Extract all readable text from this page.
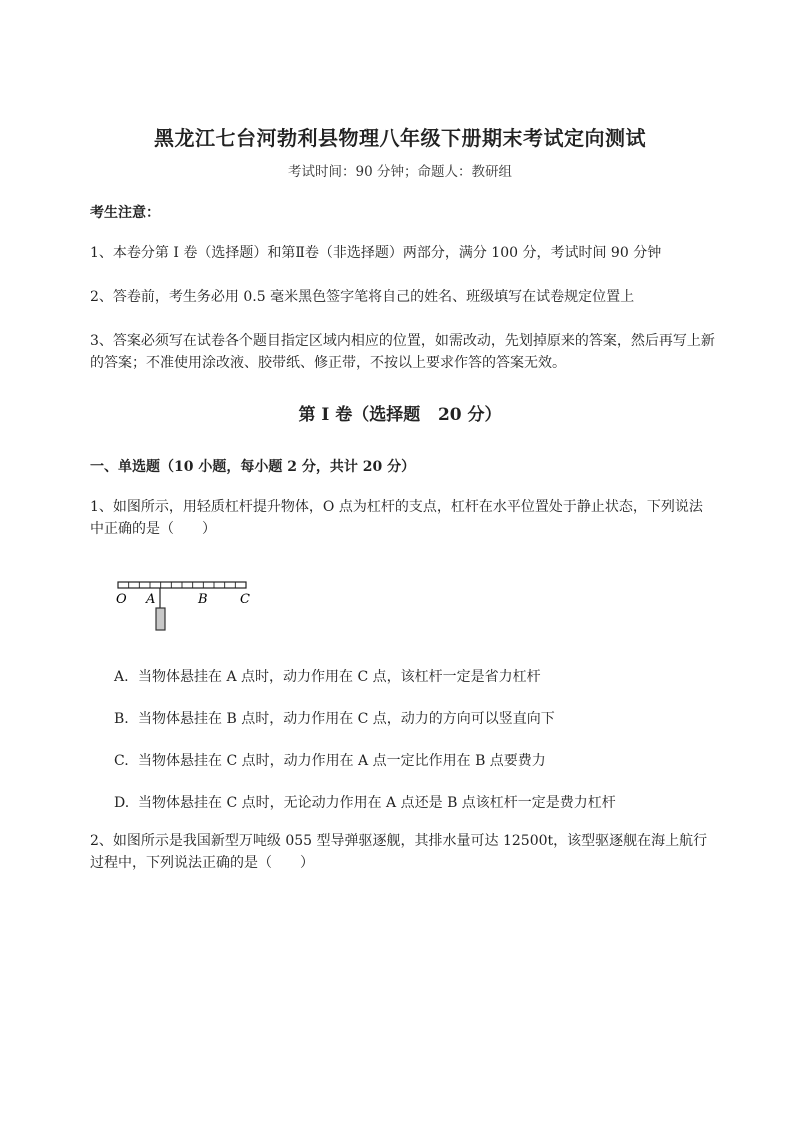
黑龙江七台河勃利县物理八年级下册期末考试定向测试
考试时间：90 分钟；命题人：教研组
考生注意：
1、本卷分第 I 卷（选择题）和第Ⅱ卷（非选择题）两部分，满分 100 分，考试时间 90 分钟
2、答卷前，考生务必用 0.5 毫米黑色签字笔将自己的姓名、班级填写在试卷规定位置上
3、答案必须写在试卷各个题目指定区域内相应的位置，如需改动，先划掉原来的答案，然后再写上新的答案；不准使用涂改液、胶带纸、修正带，不按以上要求作答的答案无效。
第 I 卷（选择题   20 分）
一、单选题（10 小题，每小题 2 分，共计 20 分）
1、如图所示，用轻质杠杆提升物体，O 点为杠杆的支点，杠杆在水平位置处于静止状态，下列说法中正确的是（　　）
O A	B C
A. 当物体悬挂在 A 点时，动力作用在 C 点，该杠杆一定是省力杠杆
B. 当物体悬挂在 B 点时，动力作用在 C 点，动力的方向可以竖直向下
C. 当物体悬挂在 C 点时，动力作用在 A 点一定比作用在 B 点要费力
D. 当物体悬挂在 C 点时，无论动力作用在 A 点还是 B 点该杠杆一定是费力杠杆
2、如图所示是我国新型万吨级 055 型导弹驱逐舰，其排水量可达 12500t，该型驱逐舰在海上航行过程中，下列说法正确的是（　　）
